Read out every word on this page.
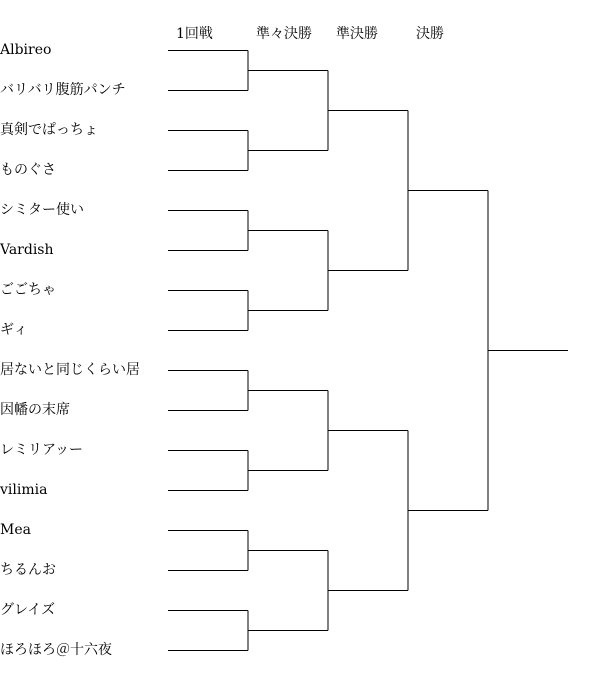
1回戦	準々決勝 準決勝	決勝
Albireo
バリバリ腹筋パンチ
真剣でぱっちょ
ものぐさ
シミター使い
Vardish
ごごちゃ
ギィ
居ないと同じくらい居
因幡の末席
レミリアッー
vilimia
Mea
ちるんお
グレイズ
ほろほろ＠十六夜
